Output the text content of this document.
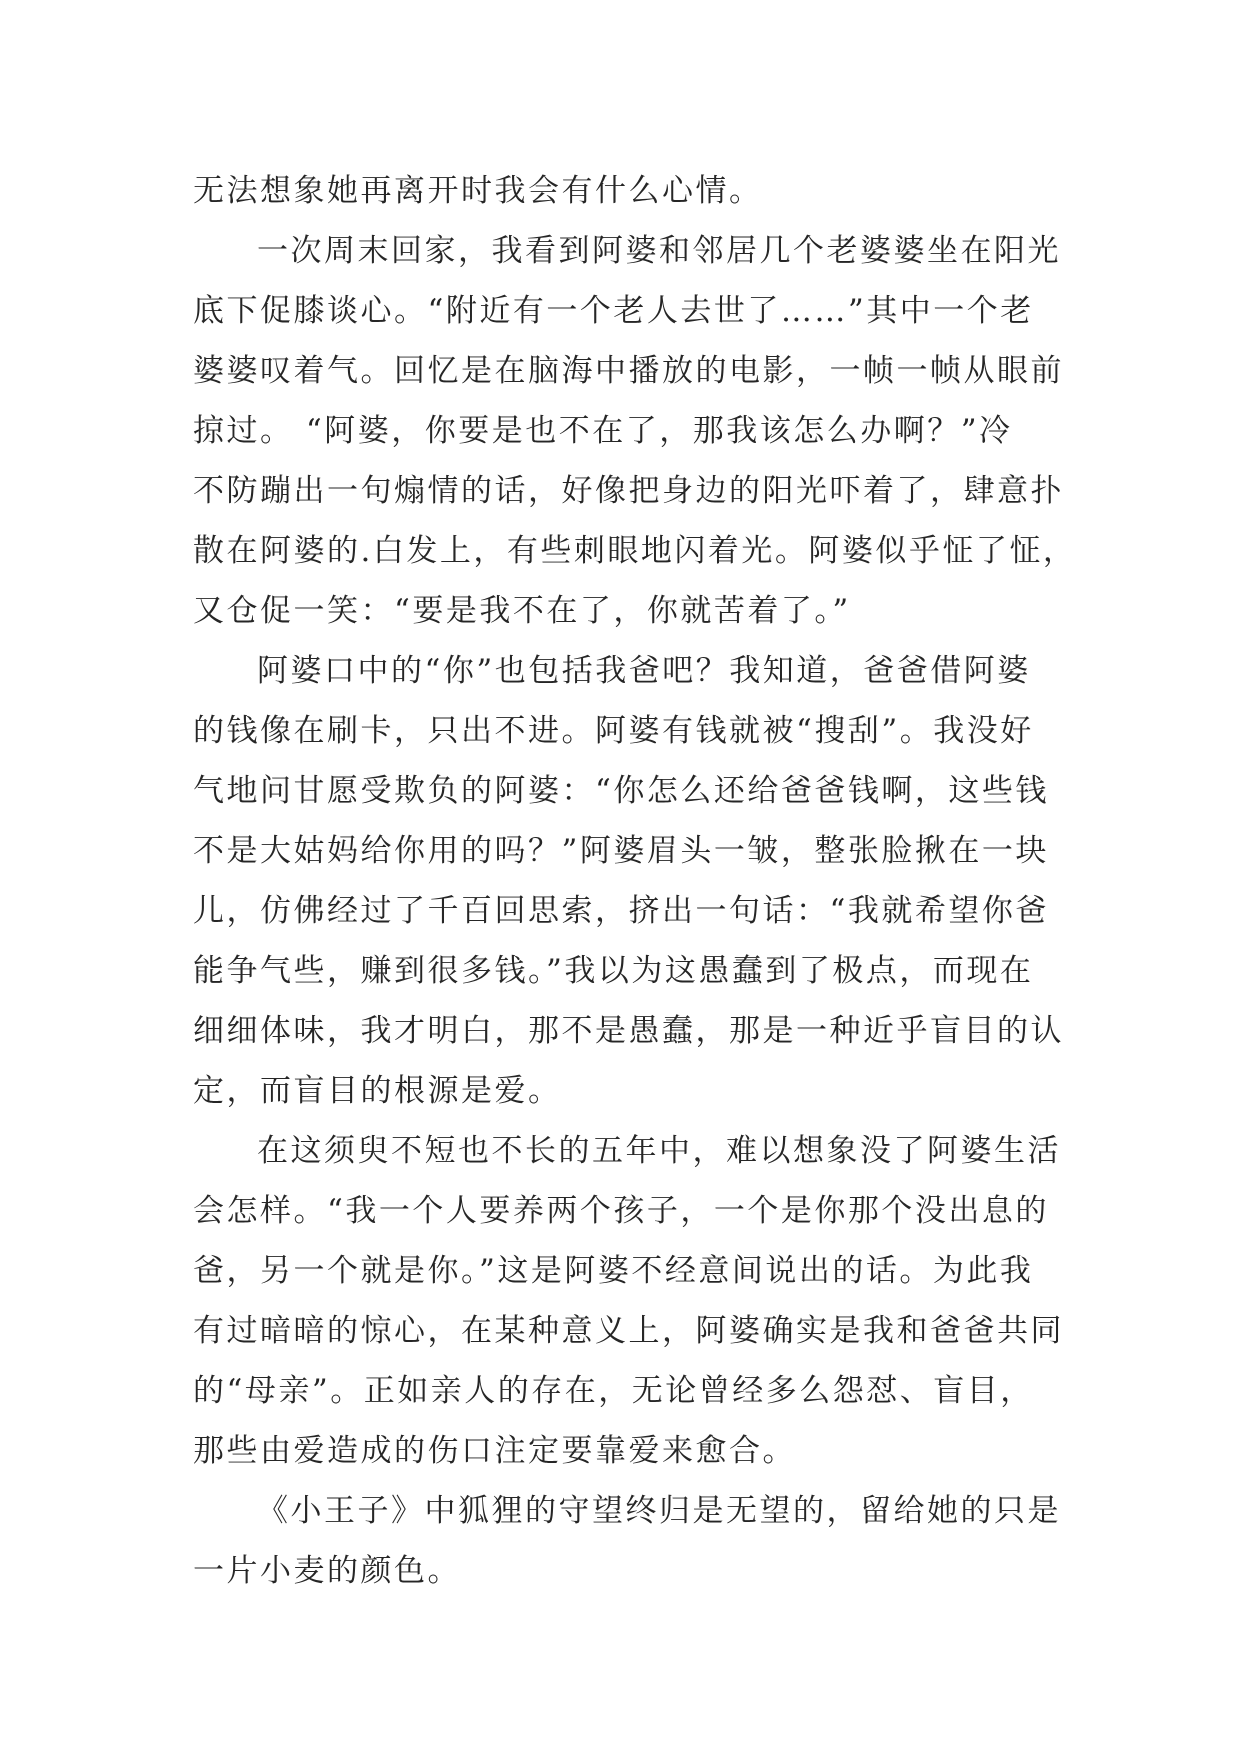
无法想象她再离开时我会有什么心情。

一次周末回家，我看到阿婆和邻居几个老婆婆坐在阳光

底下促膝谈心。“附近有一个老人去世了……”其中一个老

婆婆叹着气。回忆是在脑海中播放的电影，一帧一帧从眼前

掠过。 “阿婆，你要是也不在了，那我该怎么办啊？”冷

不防蹦出一句煽情的话，好像把身边的阳光吓着了，肆意扑

散在阿婆的.白发上，有些刺眼地闪着光。阿婆似乎怔了怔，

又仓促一笑：“要是我不在了，你就苦着了。”

阿婆口中的“你”也包括我爸吧？我知道，爸爸借阿婆

的钱像在刷卡，只出不进。阿婆有钱就被“搜刮”。我没好

气地问甘愿受欺负的阿婆：“你怎么还给爸爸钱啊，这些钱

不是大姑妈给你用的吗？”阿婆眉头一皱，整张脸揪在一块

儿，仿佛经过了千百回思索，挤出一句话：“我就希望你爸

能争气些，赚到很多钱。”我以为这愚蠢到了极点，而现在

细细体味，我才明白，那不是愚蠢，那是一种近乎盲目的认

定，而盲目的根源是爱。

在这须臾不短也不长的五年中，难以想象没了阿婆生活

会怎样。“我一个人要养两个孩子，一个是你那个没出息的

爸，另一个就是你。”这是阿婆不经意间说出的话。为此我

有过暗暗的惊心，在某种意义上，阿婆确实是我和爸爸共同

的“母亲”。正如亲人的存在，无论曾经多么怨怼、盲目，

那些由爱造成的伤口注定要靠爱来愈合。

《小王子》中狐狸的守望终归是无望的，留给她的只是

一片小麦的颜色。
